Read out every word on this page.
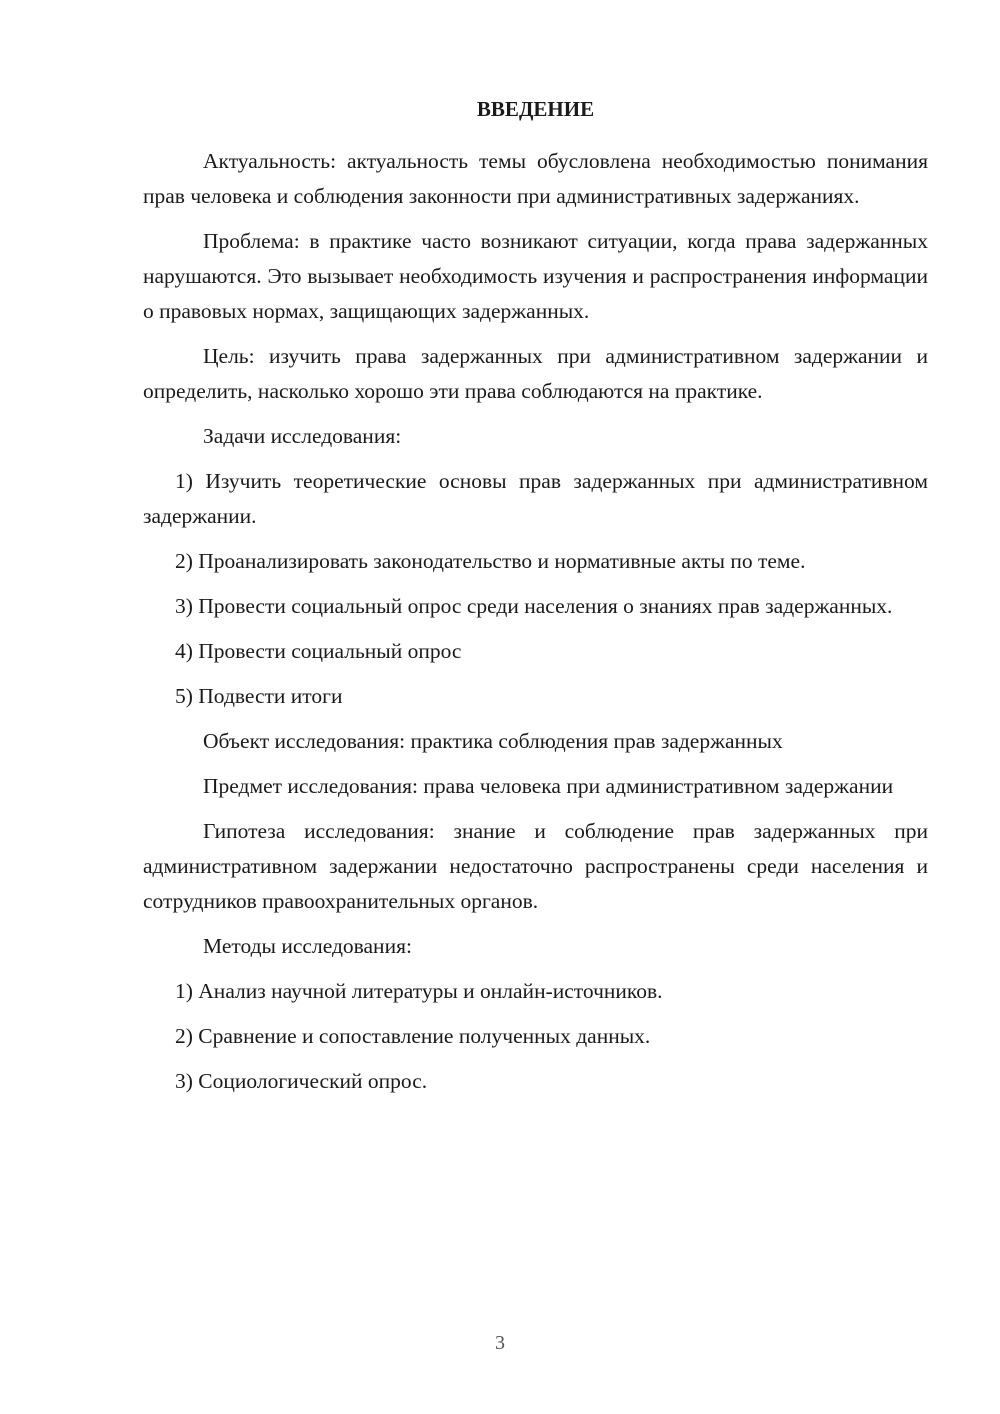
ВВЕДЕНИЕ

Актуальность: актуальность темы обусловлена необходимостью понимания прав человека и соблюдения законности при административных задержаниях.

Проблема: в практике часто возникают ситуации, когда права задержанных нарушаются. Это вызывает необходимость изучения и распространения информации о правовых нормах, защищающих задержанных.

Цель: изучить права задержанных при административном задержании и определить, насколько хорошо эти права соблюдаются на практике.

Задачи исследования:

1) Изучить теоретические основы прав задержанных при административном задержании.

2) Проанализировать законодательство и нормативные акты по теме.

3) Провести социальный опрос среди населения о знаниях прав задержанных.

4) Провести социальный опрос

5) Подвести итоги

Объект исследования: практика соблюдения прав задержанных

Предмет исследования: права человека при административном задержании

Гипотеза исследования: знание и соблюдение прав задержанных при административном задержании недостаточно распространены среди населения и сотрудников правоохранительных органов.

Методы исследования:

1) Анализ научной литературы и онлайн-источников.

2) Сравнение и сопоставление полученных данных.

3) Социологический опрос.

3
